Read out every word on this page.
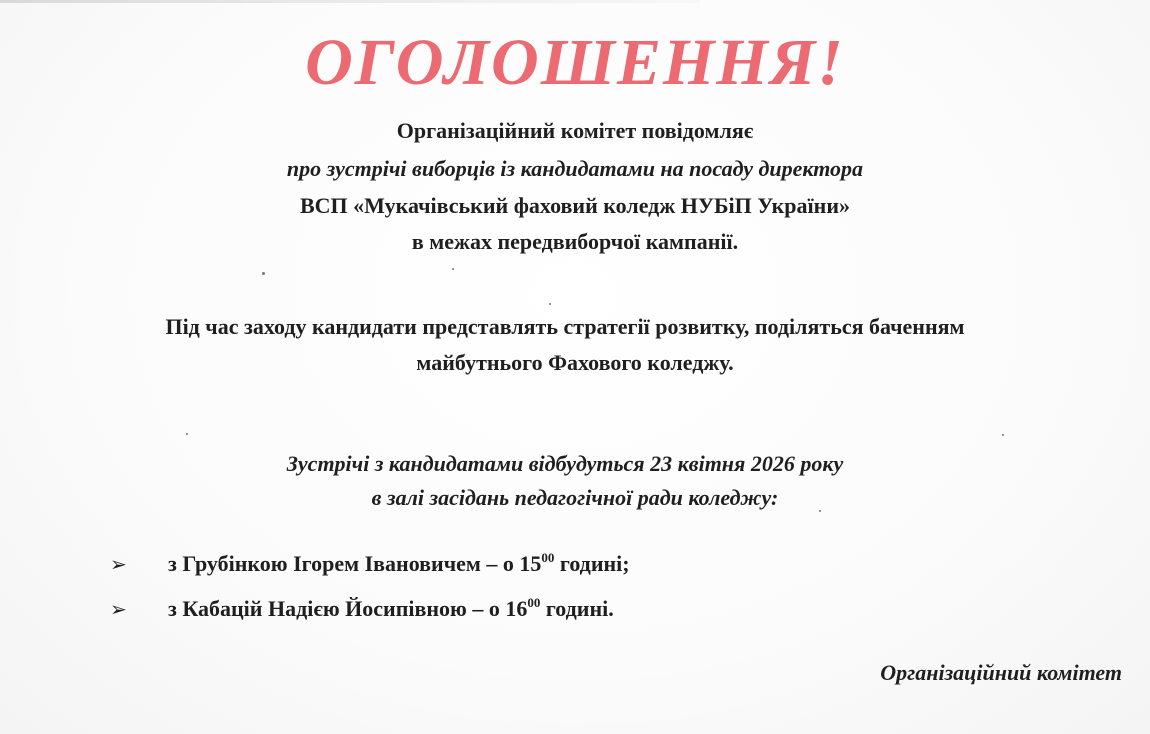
ОГОЛОШЕННЯ!
Організаційний комітет повідомляє
про зустрічі виборців із кандидатами на посаду директора
ВСП «Мукачівський фаховий коледж НУБіП України»
в межах передвиборчої кампанії.
Під час заходу кандидати представлять стратегії розвитку, поділяться баченням
майбутнього Фахового коледжу.
Зустрічі з кандидатами відбудуться 23 квітня 2026 року
в залі засідань педагогічної ради коледжу:
➢ з Грубінкою Ігорем Івановичем – о $15^{00}$ годині;
➢ з Кабацій Надією Йосипівною – о $16^{00}$ годині.
Організаційний комітет
